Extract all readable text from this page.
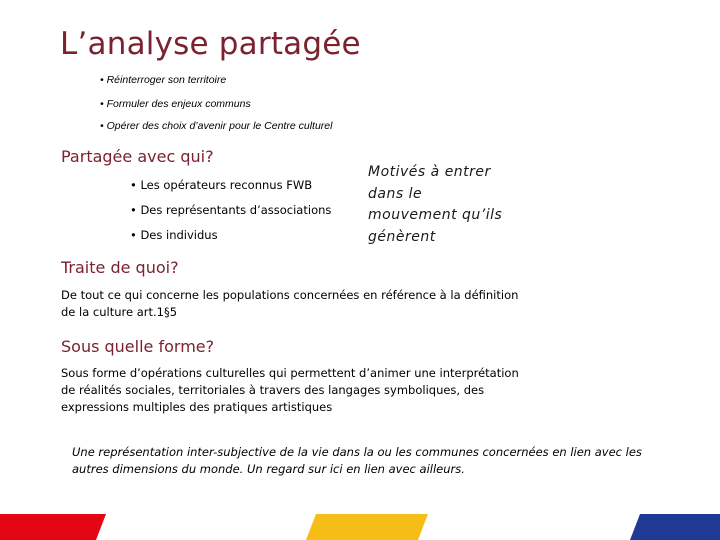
L’analyse partagée
• Réinterroger son territoire
• Formuler des enjeux communs
• Opérer des choix d’avenir pour le Centre culturel
Partagée avec qui?
• Les opérateurs reconnus FWB
• Des représentants d’associations
• Des individus
Motivés à entrer
dans le
mouvement qu’ils
génèrent
Traite de quoi?
De tout ce qui concerne les populations concernées en référence à la définition
de la culture art.1§5
Sous quelle forme?
Sous forme d’opérations culturelles qui permettent d’animer une interprétation
de réalités sociales, territoriales à travers des langages symboliques, des
expressions multiples des pratiques artistiques
Une représentation inter-subjective de la vie dans la ou les communes concernées en lien avec les
autres dimensions du monde. Un regard sur ici en lien avec ailleurs.
